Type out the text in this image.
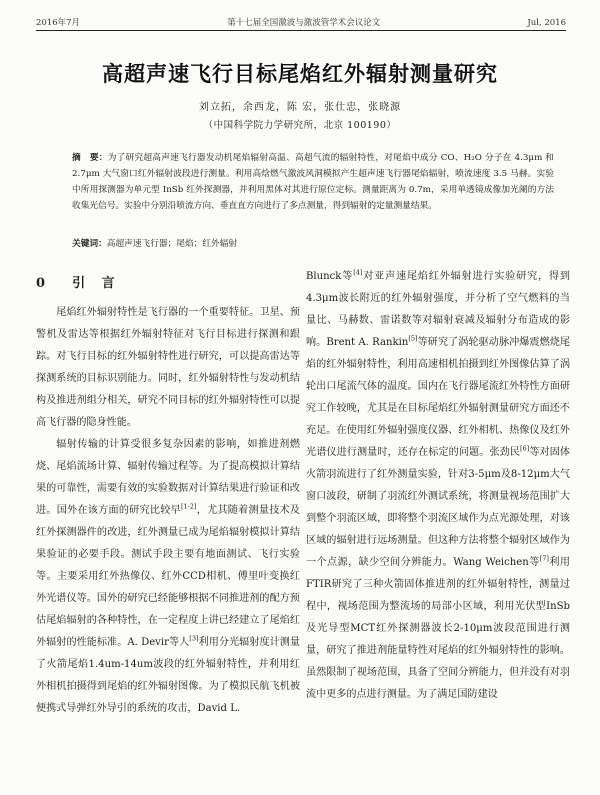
2016年7月	第十七届全国激波与激波管学术会议论文	Jul, 2016
高超声速飞行目标尾焰红外辐射测量研究
刘立拓，余西龙，陈 宏，张仕忠，张晓源
（中国科学院力学研究所，北京 100190）
摘　要：为了研究超高声速飞行器发动机尾焰辐射高温、高超气流的辐射特性，对尾焰中成分 CO、H₂O 分子在 4.3μm 和 2.7μm 大气窗口红外辐射波段进行测量。利用高焓燃气激波风洞模拟产生超声速飞行器尾焰辐射，喷流速度 3.5 马赫。实验中所用探测器为单元型 InSb 红外探测器，并利用黑体对其进行原位定标。测量距离为 0.7m，采用单透镜成像加光阑的方法收集光信号。实验中分别沿喷流方向、垂直直方向进行了多点测量，得到辐射的定量测量结果。
关键词：高超声速飞行器；尾焰；红外辐射
0 引 言

尾焰红外辐射特性是飞行器的一个重要特征。卫星、预警机及雷达等根据红外辐射特征对飞行目标进行探测和跟踪。对飞行目标的红外辐射特性进行研究，可以提高雷达等探测系统的目标识别能力。同时，红外辐射特性与发动机结构及推进剂组分相关，研究不同目标的红外辐射特性可以提高飞行器的隐身性能。

辐射传输的计算受很多复杂因素的影响，如推进剂燃烧、尾焰流场计算、辐射传输过程等。为了提高模拟计算结果的可靠性，需要有效的实验数据对计算结果进行验证和改进。国外在该方面的研究比较早[1-2]，尤其随着测量技术及红外探测器件的改进，红外测量已成为尾焰辐射模拟计算结果验证的必要手段。测试手段主要有地面测试、飞行实验等。主要采用红外热像仪、红外CCD相机、傅里叶变换红外光谱仪等。国外的研究已经能够根据不同推进剂的配方预估尾焰辐射的各种特性，在一定程度上讲已经建立了尾焰红外辐射的性能标准。A. Devir等人[3]利用分光辐射度计测量了火箭尾焰1.4um-14um波段的红外辐射特性，并利用红外相机拍摄得到尾焰的红外辐射图像。为了模拟民航飞机被便携式导弹红外导引的系统的攻击，David L.

Blunck等[4]对亚声速尾焰红外辐射进行实验研究，得到4.3μm波长附近的红外辐射强度，并分析了空气燃料的当量比、马赫数、雷诺数等对辐射衰减及辐射分布造成的影响。Brent A. Rankin[5]等研究了涡轮驱动脉冲爆震燃烧尾焰的红外辐射特性，利用高速相机拍摄到红外图像估算了涡轮出口尾流气体的温度。国内在飞行器尾流红外特性方面研究工作较晚，尤其是在目标尾焰红外辐射测量研究方面还不充足。在使用红外辐射强度仪器、红外相机、热像仪及红外光谱仪进行测量时，还存在标定的问题。张劲民[6]等对固体火箭羽流进行了红外测量实验，针对3-5μm及8-12μm大气窗口波段，研制了羽流红外测试系统，将测量视场范围扩大到整个羽流区域，即将整个羽流区域作为点光源处理，对该区域的辐射进行远场测量。但这种方法将整个辐射区域作为一个点源，缺少空间分辨能力。Wang Weichen等[7]利用FTIR研究了三种火箭固体推进剂的红外辐射特性，测量过程中，视场范围为整流场的局部小区域，利用光伏型InSb及光导型MCT红外探测器波长2-10μm波段范围进行测量，研究了推进剂能量特性对尾焰的红外辐射特性的影响。虽然限制了视场范围，具备了空间分辨能力，但并没有对羽流中更多的点进行测量。为了满足国防建设
